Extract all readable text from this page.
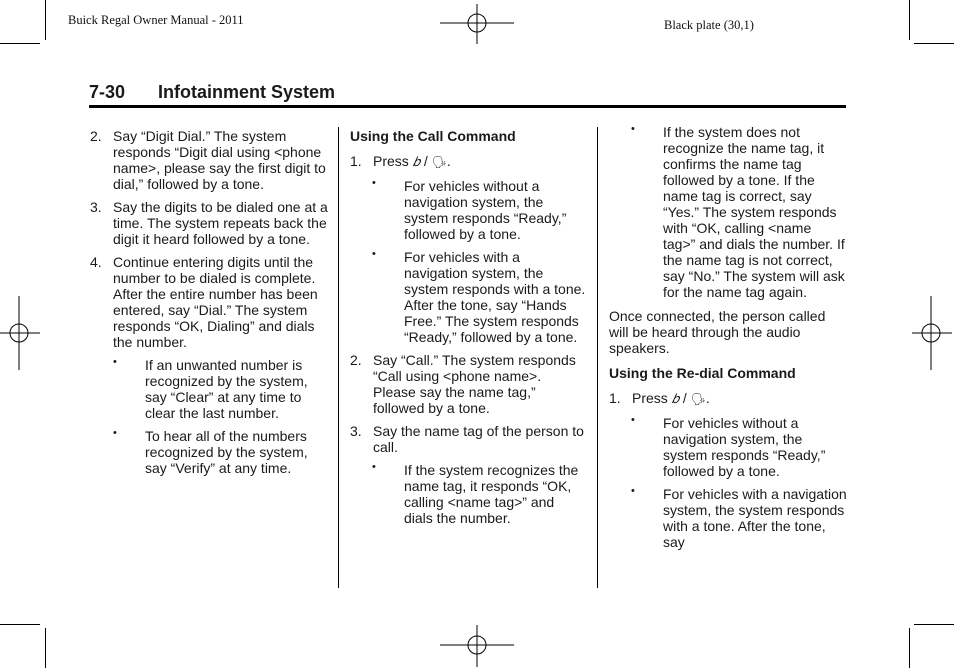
Buick Regal Owner Manual - 2011	Black plate (30,1)
7-30 Infotainment System
2. Say “Digit Dial.” The system responds “Digit dial using <phone name>, please say the first digit to dial,” followed by a tone.

3. Say the digits to be dialed one at a time. The system repeats back the digit it heard followed by a tone.

4. Continue entering digits until the number to be dialed is complete. After the entire number has been entered, say “Dial.” The system responds “OK, Dialing” and dials the number.

• If an unwanted number is recognized by the system, say “Clear” at any time to clear the last number.

• To hear all of the numbers recognized by the system, say “Verify” at any time.

Using the Call Command

1. Press 𝑏 / 🗣.

• For vehicles without a navigation system, the system responds “Ready,” followed by a tone.

• For vehicles with a navigation system, the system responds with a tone. After the tone, say “Hands Free.” The system responds “Ready,” followed by a tone.

2. Say “Call.” The system responds “Call using <phone name>. Please say the name tag,” followed by a tone.

3. Say the name tag of the person to call.

• If the system recognizes the name tag, it responds “OK, calling <name tag>” and dials the number.

• If the system does not recognize the name tag, it confirms the name tag followed by a tone. If the name tag is correct, say “Yes.” The system responds with “OK, calling <name tag>” and dials the number. If the name tag is not correct, say “No.” The system will ask for the name tag again.

Once connected, the person called will be heard through the audio speakers.

Using the Re-dial Command

1. Press 𝑏 / 🗣.

• For vehicles without a navigation system, the system responds “Ready,” followed by a tone.

• For vehicles with a navigation system, the system responds with a tone. After the tone, say
